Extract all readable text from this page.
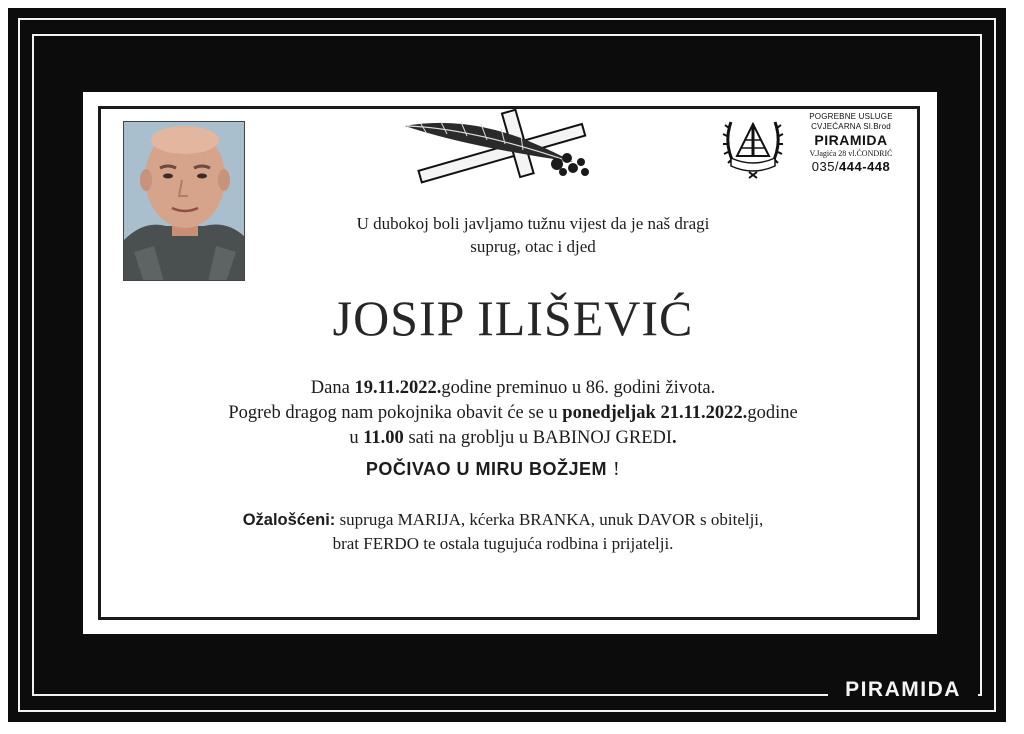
POGREBNE USLUGE
CVJEĆARNA Sl.Brod
PIRAMIDA
V.Jagića 28 vl.ĆONDRIĆ
035/444-448
U dubokoj boli javljamo tužnu vijest da je naš dragi
suprug, otac i djed
JOSIP ILIŠEVIĆ
Dana 19.11.2022.godine preminuo u 86. godini života.
Pogreb dragog nam pokojnika obavit će se u ponedjeljak 21.11.2022.godine
u 11.00 sati na groblju u BABINOJ GREDI.
POČIVAO U MIRU BOŽJEM !
Ožalošćeni: supruga MARIJA, kćerka BRANKA, unuk DAVOR s obitelji,
brat FERDO te ostala tugujuća rodbina i prijatelji.
PIRAMIDA
